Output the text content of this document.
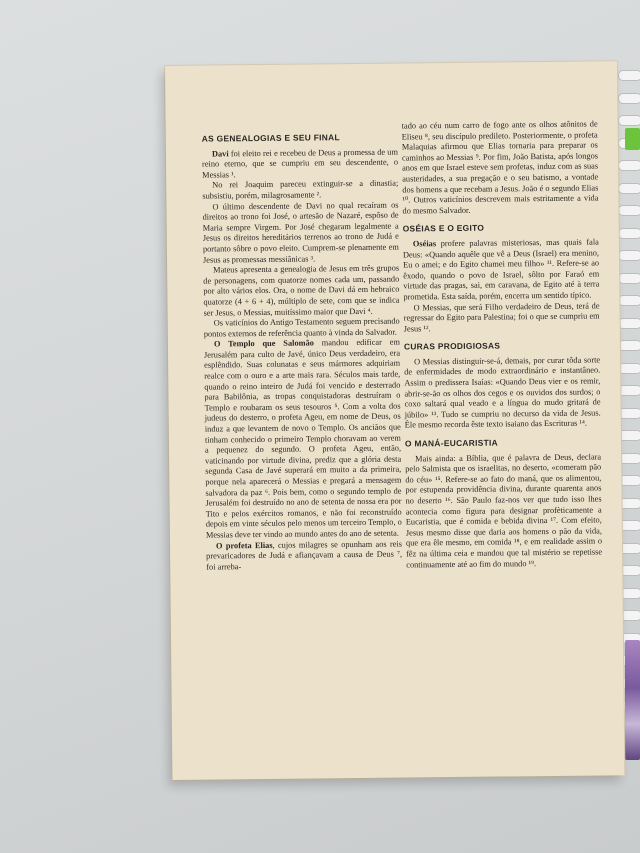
AS GENEALOGIAS E SEU FINAL

Davi foi eleito rei e recebeu de Deus a promessa de um reino eterno, que se cumpriu em seu descendente, o Messias ¹.

No rei Joaquim pareceu extinguir-se a dinastia; subsistiu, porém, milagrosamente ².

O último descendente de Davi no qual recaíram os direitos ao trono foi José, o artesão de Nazaré, espôso de Maria sempre Virgem. Por José chegaram legalmente a Jesus os direitos hereditários terrenos ao trono de Judá e portanto sôbre o povo eleito. Cumprem-se plenamente em Jesus as promessas messiânicas ³.

Mateus apresenta a genealogia de Jesus em três grupos de personagens, com quatorze nomes cada um, passando por alto vários elos. Ora, o nome de Davi dá em hebraico quatorze (4 + 6 + 4), múltiplo de sete, com que se indica ser Jesus, o Messias, muitíssimo maior que Davi ⁴.

Os vaticínios do Antigo Testamento seguem precisando pontos externos de referência quanto à vinda do Salvador.

O Templo que Salomão mandou edificar em Jerusalém para culto de Javé, único Deus verdadeiro, era esplêndido. Suas colunatas e seus mármores adquiriam realce com o ouro e a arte mais rara. Séculos mais tarde, quando o reino inteiro de Judá foi vencido e desterrado para Babilônia, as tropas conquistadoras destruíram o Templo e roubaram os seus tesouros ⁵. Com a volta dos judeus do desterro, o profeta Ageu, em nome de Deus, os induz a que levantem de novo o Templo. Os anciãos que tinham conhecido o primeiro Templo choravam ao verem a pequenez do segundo. O profeta Ageu, então, vaticinando por virtude divina, prediz que a glória desta segunda Casa de Javé superará em muito a da primeira, porque nela aparecerá o Messias e pregará a mensagem salvadora da paz ⁶. Pois bem, como o segundo templo de Jerusalém foi destruído no ano de setenta de nossa era por Tito e pelos exércitos romanos, e não foi reconstruído depois em vinte séculos pelo menos um terceiro Templo, o Messias deve ter vindo ao mundo antes do ano de setenta.

O profeta Elias, cujos milagres se opunham aos reis prevaricadores de Judá e afiançavam a causa de Deus ⁷, foi arreba-

tado ao céu num carro de fogo ante os olhos atônitos de Eliseu ⁸, seu discípulo predileto. Posteriormente, o profeta Malaquias afirmou que Elias tornaria para preparar os caminhos ao Messias ⁹. Por fim, João Batista, após longos anos em que Israel esteve sem profetas, induz com as suas austeridades, a sua pregação e o seu batismo, a vontade dos homens a que recebam a Jesus. João é o segundo Elias ¹⁰. Outros vaticínios descrevem mais estritamente a vida do mesmo Salvador.

OSÉIAS E O EGITO

Oséias profere palavras misteriosas, mas quais fala Deus: «Quando aquêle que vê a Deus (Israel) era menino, Eu o amei; e do Egito chamei meu filho» ¹¹. Refere-se ao êxodo, quando o povo de Israel, sôlto por Faraó em virtude das pragas, sai, em caravana, de Egito até à terra prometida. Esta saída, porém, encerra um sentido típico.

O Messias, que será Filho verdadeiro de Deus, terá de regressar do Egito para Palestina; foi o que se cumpriu em Jesus ¹².

CURAS PRODIGIOSAS

O Messias distinguir-se-á, demais, por curar tôda sorte de enfermidades de modo extraordinário e instantâneo. Assim o predissera Isaías: «Quando Deus vier e os remir, abrir-se-ão os olhos dos cegos e os ouvidos dos surdos; o coxo saltará qual veado e a língua do mudo gritará de júbilo» ¹³. Tudo se cumpriu no decurso da vida de Jesus. Êle mesmo recorda êste texto isaiano das Escrituras ¹⁴.

O MANÁ-EUCARISTIA

Mais ainda: a Bíblia, que é palavra de Deus, declara pelo Salmista que os israelitas, no deserto, «comeram pão do céu» ¹⁵. Refere-se ao fato do maná, que os alimentou, por estupenda providência divina, durante quarenta anos no deserto ¹⁶. São Paulo faz-nos ver que tudo isso lhes acontecia como figura para designar profèticamente a Eucaristia, que é comida e bebida divina ¹⁷. Com efeito, Jesus mesmo disse que daria aos homens o pão da vida, que era êle mesmo, em comida ¹⁸, e em realidade assim o fêz na última ceia e mandou que tal mistério se repetisse continuamente até ao fim do mundo ¹⁹.
